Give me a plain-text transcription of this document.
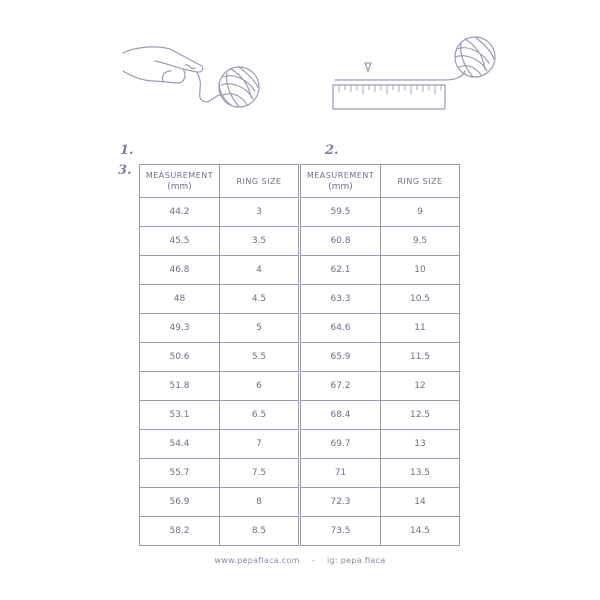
1.	2.
3. MEASUREMENT
(mm)	RING SIZE
44.2	3
45.5	3.5
46.8	4
48	4.5
49.3	5
50.6	5.5
51.8	6
53.1	6.5
54.4	7
55.7	7.5
56.9	8
58.2	8.5
MEASUREMENT
(mm)	RING SIZE
59.5	9
60.8	9.5
62.1	10
63.3	10.5
64.6	11
65.9	11.5
67.2	12
68.4	12.5
69.7	13
71	13.5
72.3	14
73.5	14.5
www.pepaflaca.com - ig: pepa.flaca
